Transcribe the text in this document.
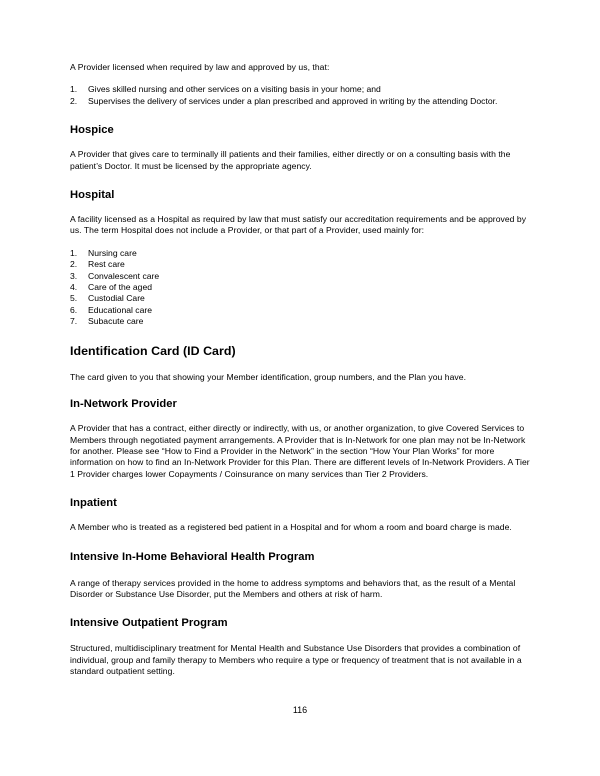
A Provider licensed when required by law and approved by us, that:

1.	Gives skilled nursing and other services on a visiting basis in your home; and
2.	Supervises the delivery of services under a plan prescribed and approved in writing by the attending Doctor.
Hospice

A Provider that gives care to terminally ill patients and their families, either directly or on a consulting basis with the patient’s Doctor. It must be licensed by the appropriate agency.

Hospital

A facility licensed as a Hospital as required by law that must satisfy our accreditation requirements and be approved by us. The term Hospital does not include a Provider, or that part of a Provider, used mainly for:

1.	Nursing care
2.	Rest care
3.	Convalescent care
4.	Care of the aged
5.	Custodial Care
6.	Educational care
7.	Subacute care
Identification Card (ID Card)

The card given to you that showing your Member identification, group numbers, and the Plan you have.

In-Network Provider

A Provider that has a contract, either directly or indirectly, with us, or another organization, to give Covered Services to Members through negotiated payment arrangements. A Provider that is In-Network for one plan may not be In-Network for another. Please see “How to Find a Provider in the Network” in the section “How Your Plan Works” for more information on how to find an In-Network Provider for this Plan. There are different levels of In-Network Providers. A Tier 1 Provider charges lower Copayments / Coinsurance on many services than Tier 2 Providers.

Inpatient

A Member who is treated as a registered bed patient in a Hospital and for whom a room and board charge is made.

Intensive In-Home Behavioral Health Program

A range of therapy services provided in the home to address symptoms and behaviors that, as the result of a Mental Disorder or Substance Use Disorder, put the Members and others at risk of harm.

Intensive Outpatient Program

Structured, multidisciplinary treatment for Mental Health and Substance Use Disorders that provides a combination of individual, group and family therapy to Members who require a type or frequency of treatment that is not available in a standard outpatient setting.

116
